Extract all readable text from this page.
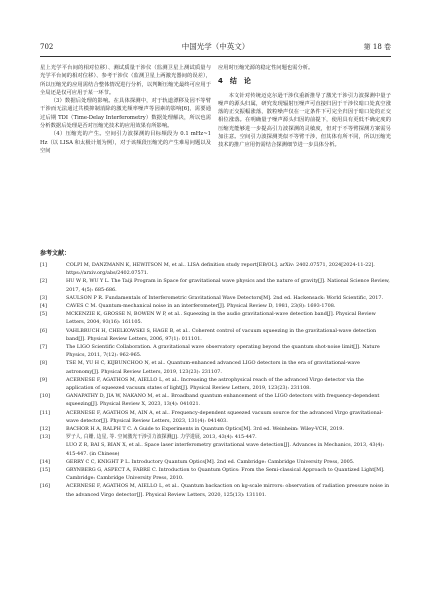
702	中国光学（中英文）	第 18 卷

星上光学平台间的相对位移）、测试质量干涉仪（监测卫星上测试质量与光学平台间的相对位移）、参考干涉仪（监测卫星上两激光器间的误差），所以压缩光的应用需结合整体情况进行分析，以判断压缩光最终可应用于全局还是仅可应用于某一环节。

（3）数据后处理的影响。在具体探测中，对于轨道漂移及因不等臂干涉而无法通过共模抑制消除的激光频率噪声等因素的影响[6]，需要通过后期 TDI（Time-Delay Interferometry）数据处理解决，所以也需分析数据后处理是否对压缩光技术的应用效果有所影响。

（4）压缩光的产生。空间引力波探测的目标频段为 0.1 mHz~1 Hz（以 LISA 和太极计划为例），对于该频段压缩光的产生难易问题以及空间

应用时压缩光源的稳定性问题也需分析。

4　结　论

本文针对传统迈克尔逊干涉仪重新推导了激光干涉引力波探测中量子噪声的源头归属，研究发现辐射压噪声可直接归因于干涉仪暗口处真空涨落的正交振幅涨落，散粒噪声仅在一定条件下可完全归因于暗口处的正交相位涨落。在明确量子噪声源头归因的前提下，使用具有更低不确定度的压缩光能够进一步提高引力波探测的灵敏度，但对于不等臂探测方案需另加注意。空间引力波探测类似不等臂干涉，但其体有所不同，所以压缩光技术的推广应用仍需结合探测细节进一步具体分析。

参考文献：
[1]	COLPI M, DANZMANN K, HEWITSON M, et al.. LISA definition study report[EB/OL]. arXiv: 2402.07571, 2024[2024-11-22]. https://arxiv.org/abs/2402.07571.
[2]	HU W R, WU Y L. The Taiji Program in Space for gravitational wave physics and the nature of gravity[J]. National Science Review, 2017, 4(5): 685-686.
[3]	SAULSON P R. Fundamentals of Interferometric Gravitational Wave Detectors[M]. 2nd ed. Hackensack: World Scientific, 2017.
[4]	CAVES C M. Quantum-mechanical noise in an interferometer[J]. Physical Review D, 1981, 23(8): 1693-1708.
[5]	MCKENZIE K, GROSSE N, BOWEN W P, et al.. Squeezing in the audio gravitational-wave detection band[J]. Physical Review Letters, 2004, 93(16): 161105.
[6]	VAHLBRUCH H, CHELKOWSKI S, HAGE B, et al.. Coherent control of vacuum squeezing in the gravitational-wave detection band[J]. Physical Review Letters, 2006, 97(1): 011101.
[7]	The LIGO Scientific Collaboration. A gravitational wave observatory operating beyond the quantum shot-noise limit[J]. Nature Physics, 2011, 7(12): 962-965.
[8]	TSE M, YU H C, KIJBUNCHOO N, et al.. Quantum-enhanced advanced LIGO detectors in the era of gravitational-wave astronomy[J]. Physical Review Letters, 2019, 123(23): 231107.
[9]	ACERNESE F, AGATHOS M, AIELLO L, et al.. Increasing the astrophysical reach of the advanced Virgo detector via the application of squeezed vacuum states of light[J]. Physical Review Letters, 2019, 123(23): 231108.
[10]	GANAPATHY D, JIA W, NAKANO M, et al.. Broadband quantum enhancement of the LIGO detectors with frequency-dependent squeezing[J]. Physical Review X, 2023, 13(4): 041021.
[11]	ACERNESE F, AGATHOS M, AIN A, et al.. Frequency-dependent squeezed vacuum source for the advanced Virgo gravitational-wave detector[J]. Physical Review Letters, 2023, 131(4): 041403.
[12]	BACHOR H A, RALPH T C. A Guide to Experiments in Quantum Optics[M]. 3rd ed. Weinheim: Wiley-VCH, 2019.
[13]	罗子人, 白姗, 边星, 等. 空间激光干涉引力波探测[J]. 力学进展, 2013, 43(4): 415-447.
LUO Z R, BAI S, BIAN X, et al.. Space laser interferometry gravitational wave detection[J]. Advances in Mechanics, 2013, 43(4): 415-447. (in Chinese)
[14]	GERRY C C, KNIGHT P L. Introductory Quantum Optics[M]. 2nd ed. Cambridge: Cambridge University Press, 2005.
[15]	GRYNBERG G, ASPECT A, FABRE C. Introduction to Quantum Optics: From the Semi-classical Approach to Quantized Light[M]. Cambridge: Cambridge University Press, 2010.
[16]	ACERNESE F, AGATHOS M, AIELLO L, et al.. Quantum backaction on kg-scale mirrors: observation of radiation pressure noise in the advanced Virgo detector[J]. Physical Review Letters, 2020, 125(13): 131101.
